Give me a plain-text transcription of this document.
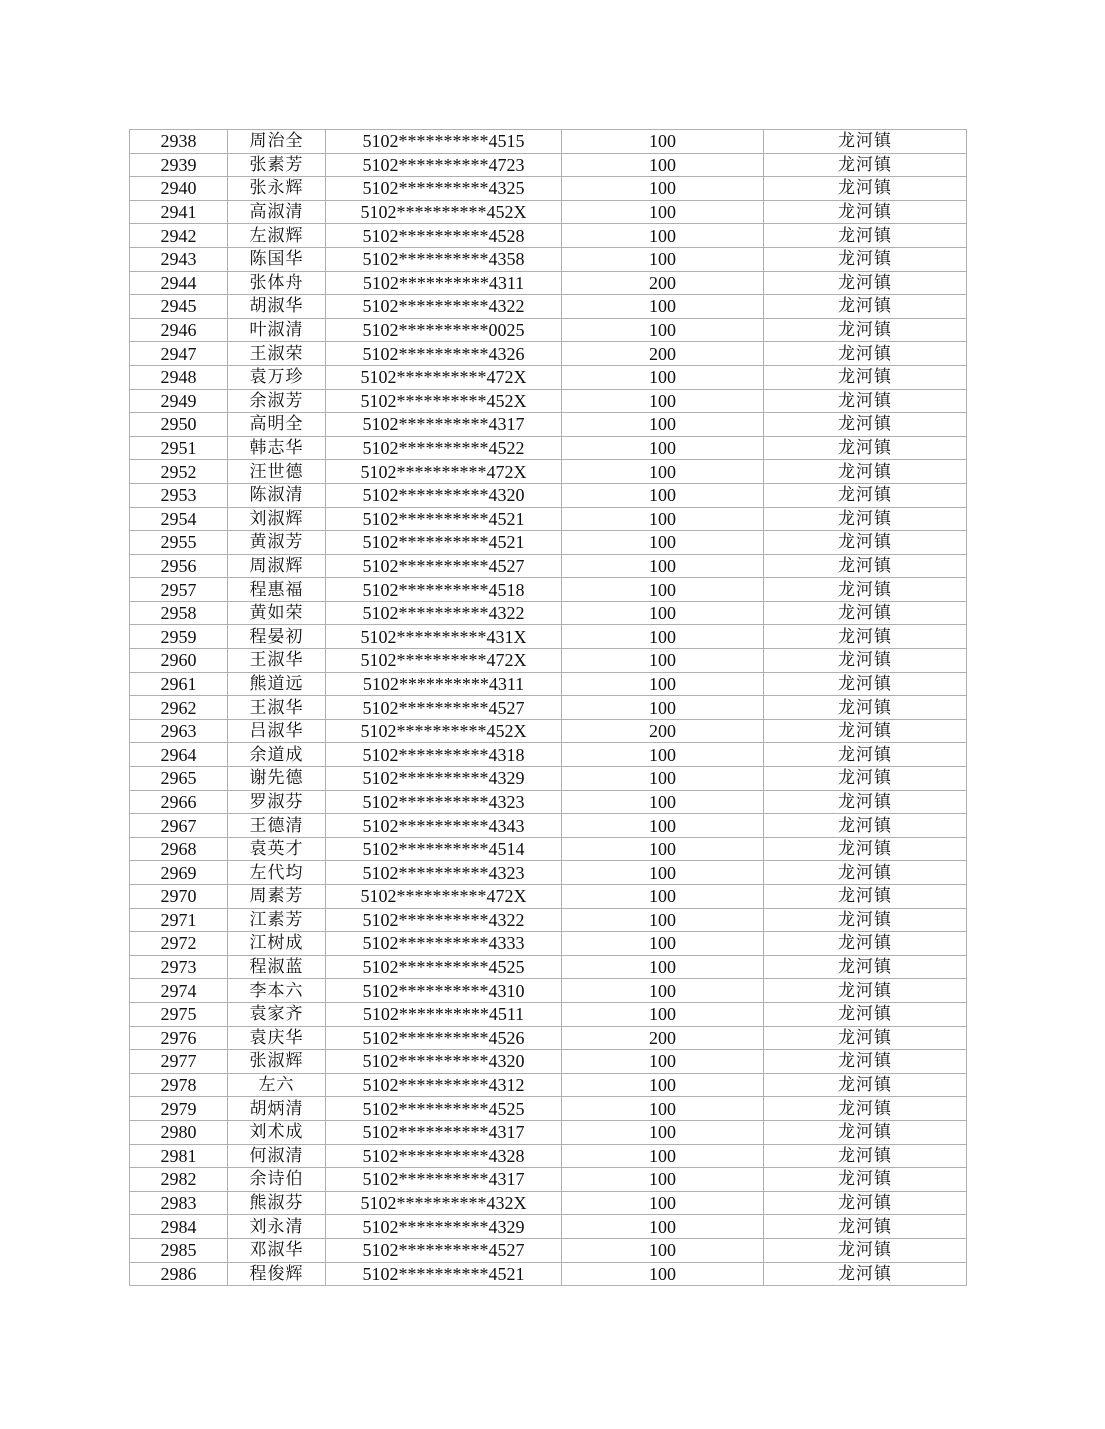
2938	周治全	5102**********4515	100	龙河镇
2939	张素芳	5102**********4723	100	龙河镇
2940	张永辉	5102**********4325	100	龙河镇
2941	高淑清	5102**********452X	100	龙河镇
2942	左淑辉	5102**********4528	100	龙河镇
2943	陈国华	5102**********4358	100	龙河镇
2944	张体舟	5102**********4311	200	龙河镇
2945	胡淑华	5102**********4322	100	龙河镇
2946	叶淑清	5102**********0025	100	龙河镇
2947	王淑荣	5102**********4326	200	龙河镇
2948	袁万珍	5102**********472X	100	龙河镇
2949	余淑芳	5102**********452X	100	龙河镇
2950	高明全	5102**********4317	100	龙河镇
2951	韩志华	5102**********4522	100	龙河镇
2952	汪世德	5102**********472X	100	龙河镇
2953	陈淑清	5102**********4320	100	龙河镇
2954	刘淑辉	5102**********4521	100	龙河镇
2955	黄淑芳	5102**********4521	100	龙河镇
2956	周淑辉	5102**********4527	100	龙河镇
2957	程惠福	5102**********4518	100	龙河镇
2958	黄如荣	5102**********4322	100	龙河镇
2959	程晏初	5102**********431X	100	龙河镇
2960	王淑华	5102**********472X	100	龙河镇
2961	熊道远	5102**********4311	100	龙河镇
2962	王淑华	5102**********4527	100	龙河镇
2963	吕淑华	5102**********452X	200	龙河镇
2964	余道成	5102**********4318	100	龙河镇
2965	谢先德	5102**********4329	100	龙河镇
2966	罗淑芬	5102**********4323	100	龙河镇
2967	王德清	5102**********4343	100	龙河镇
2968	袁英才	5102**********4514	100	龙河镇
2969	左代均	5102**********4323	100	龙河镇
2970	周素芳	5102**********472X	100	龙河镇
2971	江素芳	5102**********4322	100	龙河镇
2972	江树成	5102**********4333	100	龙河镇
2973	程淑蓝	5102**********4525	100	龙河镇
2974	李本六	5102**********4310	100	龙河镇
2975	袁家齐	5102**********4511	100	龙河镇
2976	袁庆华	5102**********4526	200	龙河镇
2977	张淑辉	5102**********4320	100	龙河镇
2978	左六	5102**********4312	100	龙河镇
2979	胡炳清	5102**********4525	100	龙河镇
2980	刘术成	5102**********4317	100	龙河镇
2981	何淑清	5102**********4328	100	龙河镇
2982	余诗伯	5102**********4317	100	龙河镇
2983	熊淑芬	5102**********432X	100	龙河镇
2984	刘永清	5102**********4329	100	龙河镇
2985	邓淑华	5102**********4527	100	龙河镇
2986	程俊辉	5102**********4521	100	龙河镇
